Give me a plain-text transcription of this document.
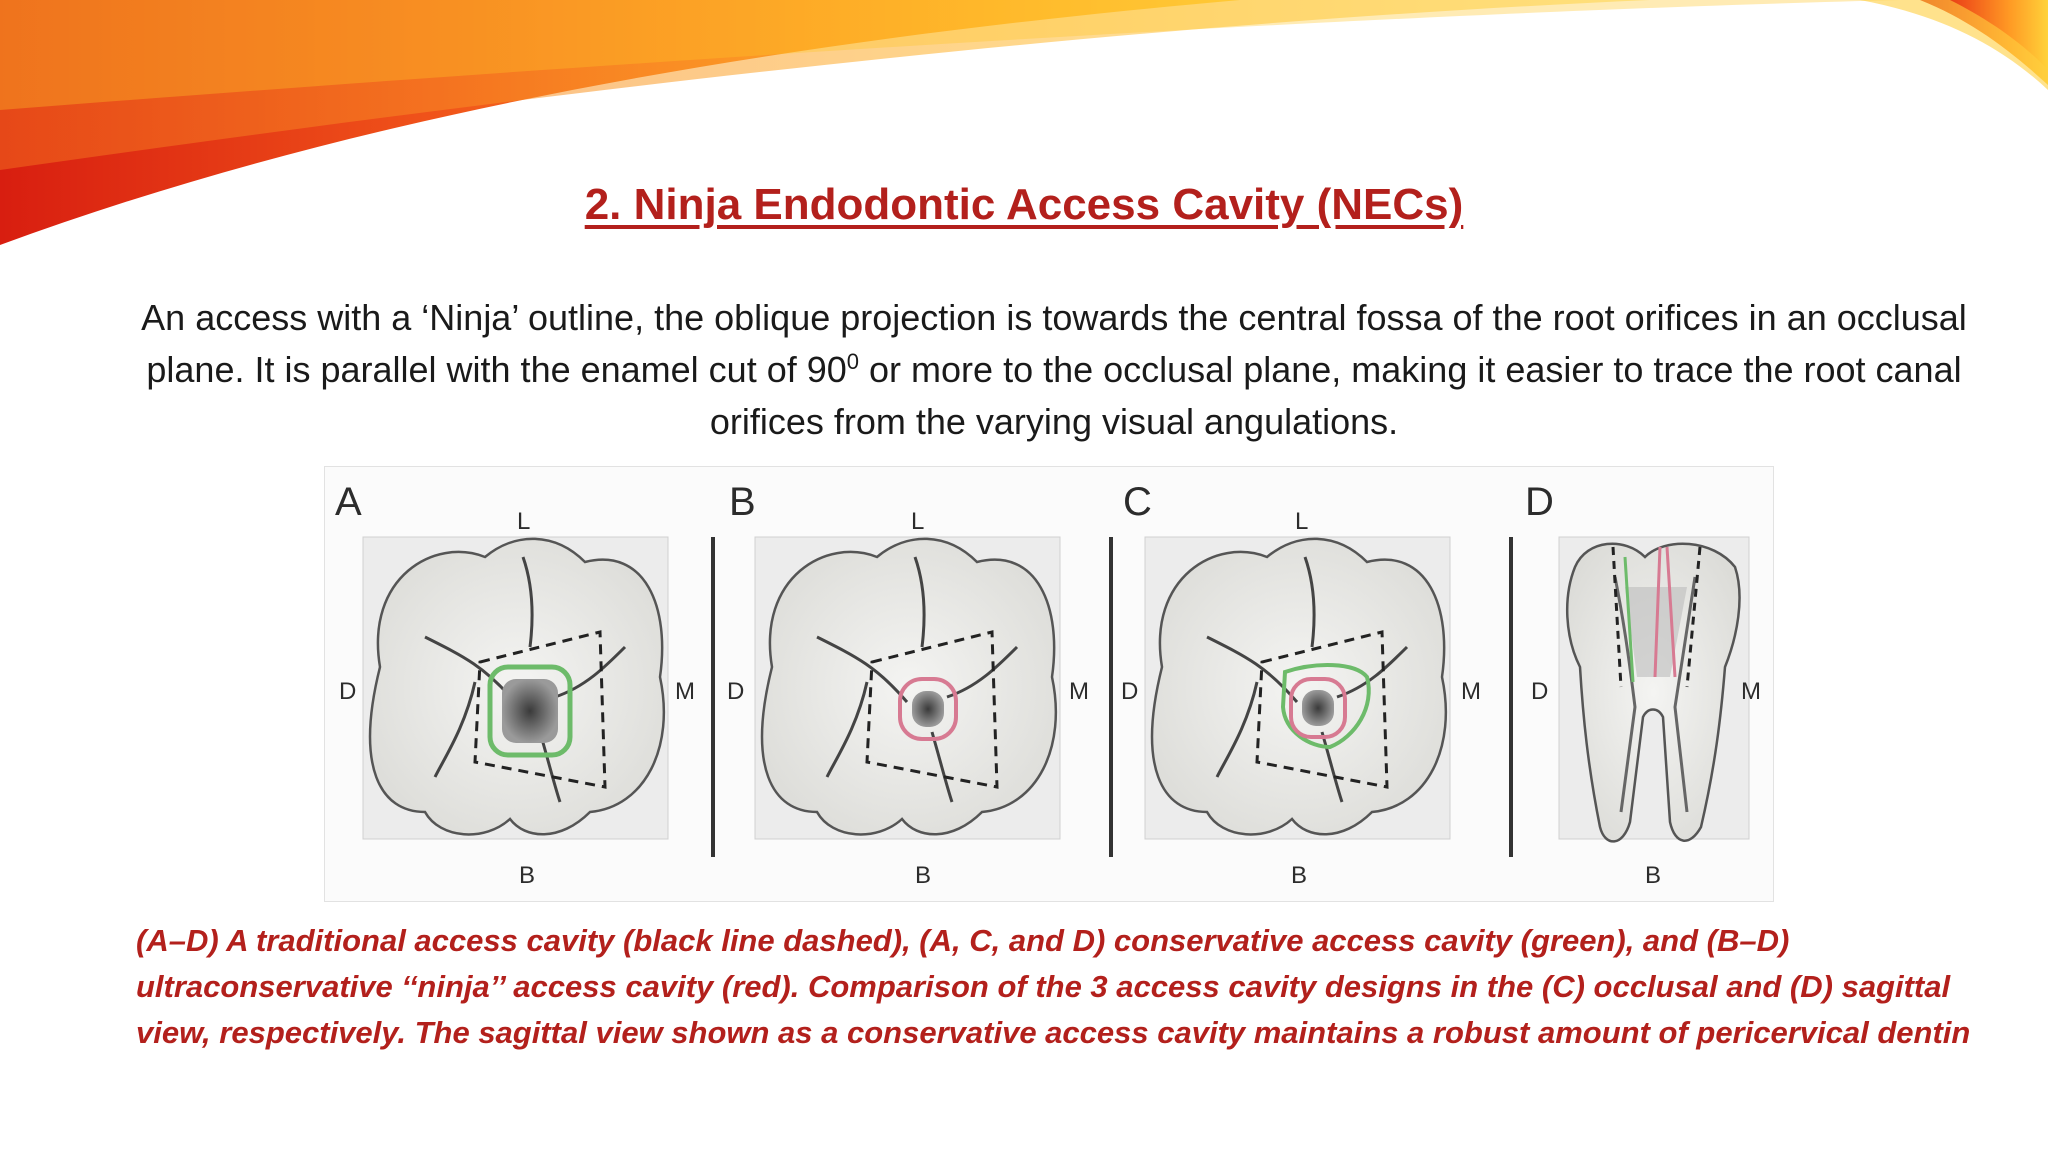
2. Ninja Endodontic Access Cavity (NECs)
An access with a ‘Ninja’ outline, the oblique projection is towards the central fossa of the root orifices in an occlusal plane. It is parallel with the enamel cut of $90^0$ or more to the occlusal plane, making it easier to trace the root canal orifices from the varying visual angulations.
A	L
D	M
B
B	L
D	M
B
C	L
D	M
B
D
D	M
B
(A–D) A traditional access cavity (black line dashed), (A, C, and D) conservative access cavity (green), and (B–D) ultraconservative ‘‘ninja’’ access cavity (red). Comparison of the 3 access cavity designs in the (C) occlusal and (D) sagittal view, respectively. The sagittal view shown as a conservative access cavity maintains a robust amount of pericervical dentin
